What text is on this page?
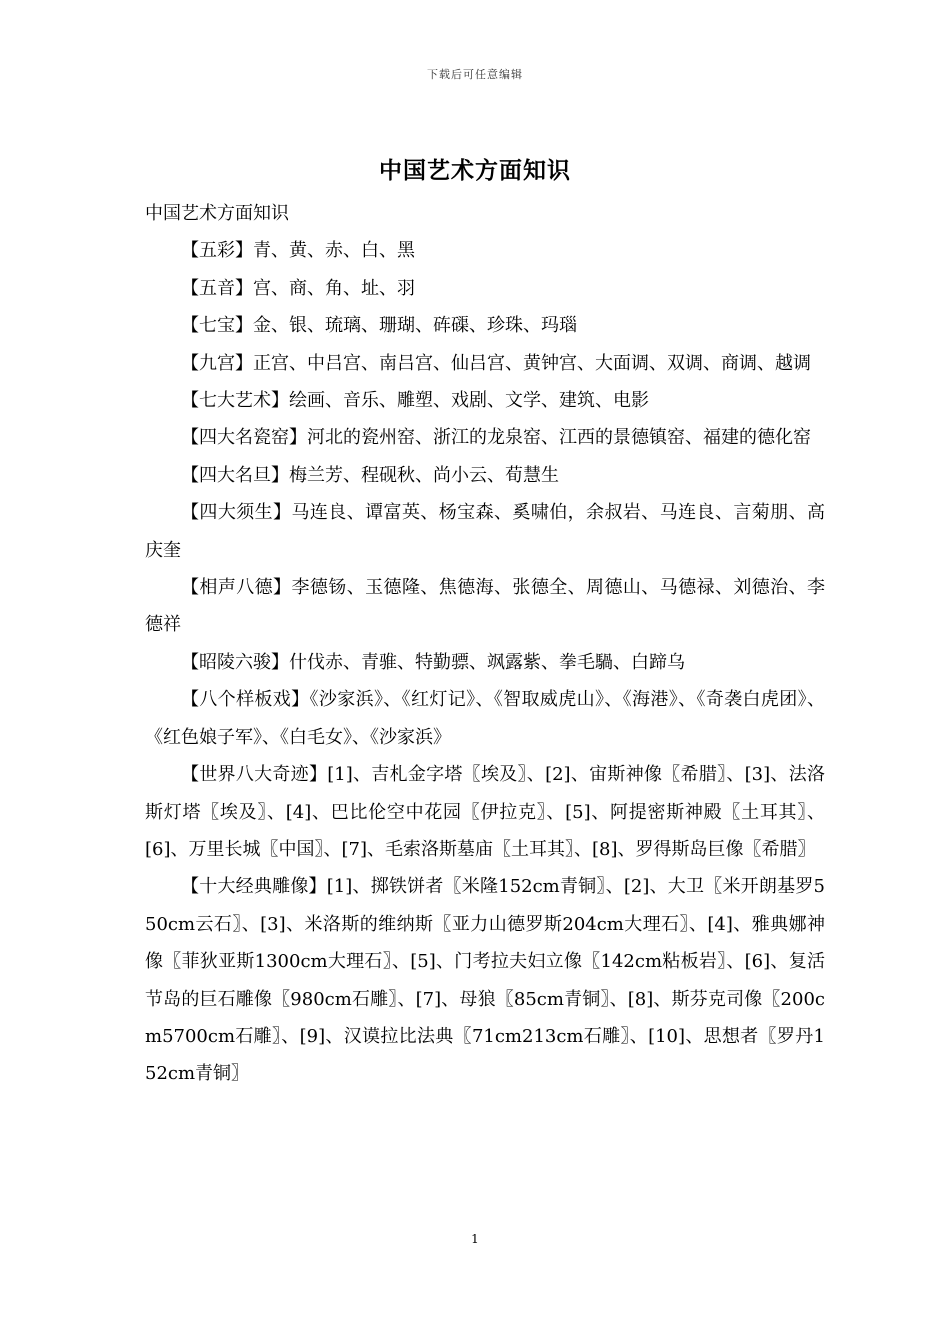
下载后可任意编辑
中国艺术方面知识

中国艺术方面知识

【五彩】青、黄、赤、白、黑

【五音】宫、商、角、址、羽

【七宝】金、银、琉璃、珊瑚、砗磲、珍珠、玛瑙

【九宫】正宫、中吕宫、南吕宫、仙吕宫、黄钟宫、大面调、双调、商调、越调

【七大艺术】绘画、音乐、雕塑、戏剧、文学、建筑、电影

【四大名瓷窑】河北的瓷州窑、浙江的龙泉窑、江西的景德镇窑、福建的德化窑

【四大名旦】梅兰芳、程砚秋、尚小云、荀慧生

【四大须生】马连良、谭富英、杨宝森、奚啸伯，余叔岩、马连良、言菊朋、高庆奎

【相声八德】李德钖、玉德隆、焦德海、张德全、周德山、马德禄、刘德治、李德祥

【昭陵六骏】什伐赤、青骓、特勤骠、飒露紫、拳毛騧、白蹄乌

【八个样板戏】《沙家浜》、《红灯记》、《智取威虎山》、《海港》、《奇袭白虎团》、《红色娘子军》、《白毛女》、《沙家浜》

【世界八大奇迹】[1]、吉札金字塔〖埃及〗、[2]、宙斯神像〖希腊〗、[3]、法洛斯灯塔〖埃及〗、[4]、巴比伦空中花园〖伊拉克〗、[5]、阿提密斯神殿〖土耳其〗、[6]、万里长城〖中国〗、[7]、毛索洛斯墓庙〖土耳其〗、[8]、罗得斯岛巨像〖希腊〗

【十大经典雕像】[1]、掷铁饼者〖米隆152cm青铜〗、[2]、大卫〖米开朗基罗550cm云石〗、[3]、米洛斯的维纳斯〖亚力山德罗斯204cm大理石〗、[4]、雅典娜神像〖菲狄亚斯1300cm大理石〗、[5]、门考拉夫妇立像〖142cm粘板岩〗、[6]、复活节岛的巨石雕像〖980cm石雕〗、[7]、母狼〖85cm青铜〗、[8]、斯芬克司像〖200cm5700cm石雕〗、[9]、汉谟拉比法典〖71cm213cm石雕〗、[10]、思想者〖罗丹152cm青铜〗

1
